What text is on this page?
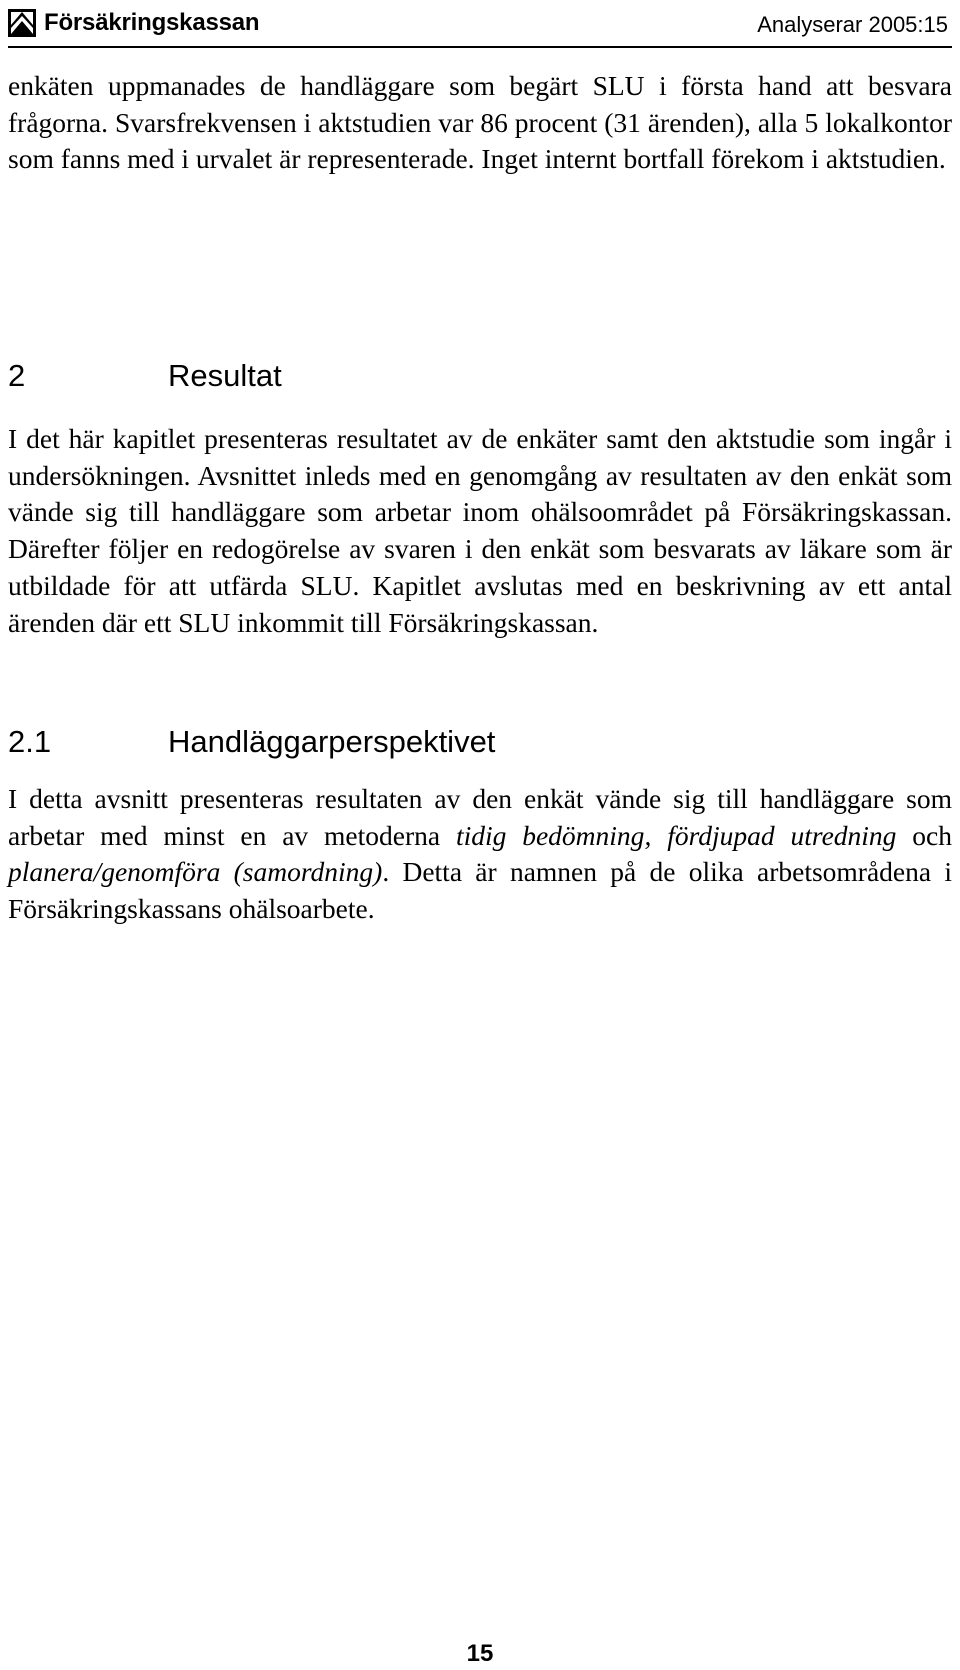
Försäkringskassan	Analyserar 2005:15

enkäten uppmanades de handläggare som begärt SLU i första hand att besvara frågorna. Svarsfrekvensen i aktstudien var 86 procent (31 ärenden), alla 5 lokalkontor som fanns med i urvalet är representerade. Inget internt bortfall förekom i aktstudien.

2	Resultat

I det här kapitlet presenteras resultatet av de enkäter samt den aktstudie som ingår i undersökningen. Avsnittet inleds med en genomgång av resultaten av den enkät som vände sig till handläggare som arbetar inom ohälsoområdet på Försäkringskassan. Därefter följer en redogörelse av svaren i den enkät som besvarats av läkare som är utbildade för att utfärda SLU. Kapitlet avslutas med en beskrivning av ett antal ärenden där ett SLU inkommit till Försäkringskassan.

2.1	Handläggarperspektivet

I detta avsnitt presenteras resultaten av den enkät vände sig till handläggare som arbetar med minst en av metoderna tidig bedömning, fördjupad utredning och planera/genomföra (samordning). Detta är namnen på de olika arbetsområdena i Försäkringskassans ohälsoarbete.

15
